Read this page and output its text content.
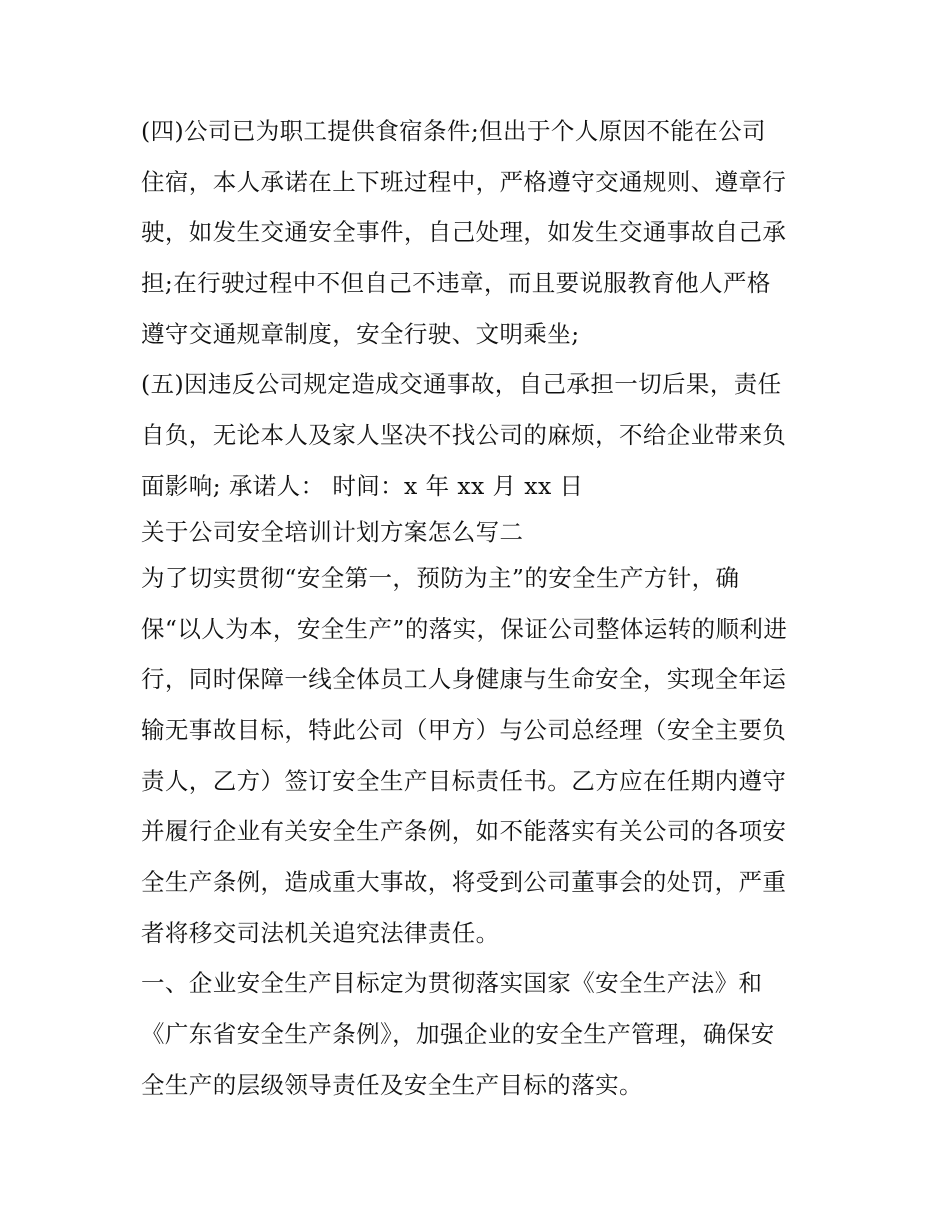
(四)公司已为职工提供食宿条件;但出于个人原因不能在公司
住宿，本人承诺在上下班过程中，严格遵守交通规则、遵章行
驶，如发生交通安全事件，自己处理，如发生交通事故自己承
担;在行驶过程中不但自己不违章，而且要说服教育他人严格
遵守交通规章制度，安全行驶、文明乘坐;
(五)因违反公司规定造成交通事故，自己承担一切后果，责任
自负，无论本人及家人坚决不找公司的麻烦，不给企业带来负
面影响; 承诺人： 时间：x 年 xx 月 xx 日
关于公司安全培训计划方案怎么写二
为了切实贯彻“安全第一，预防为主”的安全生产方针，确
保“以人为本，安全生产”的落实，保证公司整体运转的顺利进
行，同时保障一线全体员工人身健康与生命安全，实现全年运
输无事故目标，特此公司（甲方）与公司总经理（安全主要负
责人，乙方）签订安全生产目标责任书。乙方应在任期内遵守
并履行企业有关安全生产条例，如不能落实有关公司的各项安
全生产条例，造成重大事故，将受到公司董事会的处罚，严重
者将移交司法机关追究法律责任。
一、企业安全生产目标定为贯彻落实国家《安全生产法》和
《广东省安全生产条例》，加强企业的安全生产管理，确保安
全生产的层级领导责任及安全生产目标的落实。
